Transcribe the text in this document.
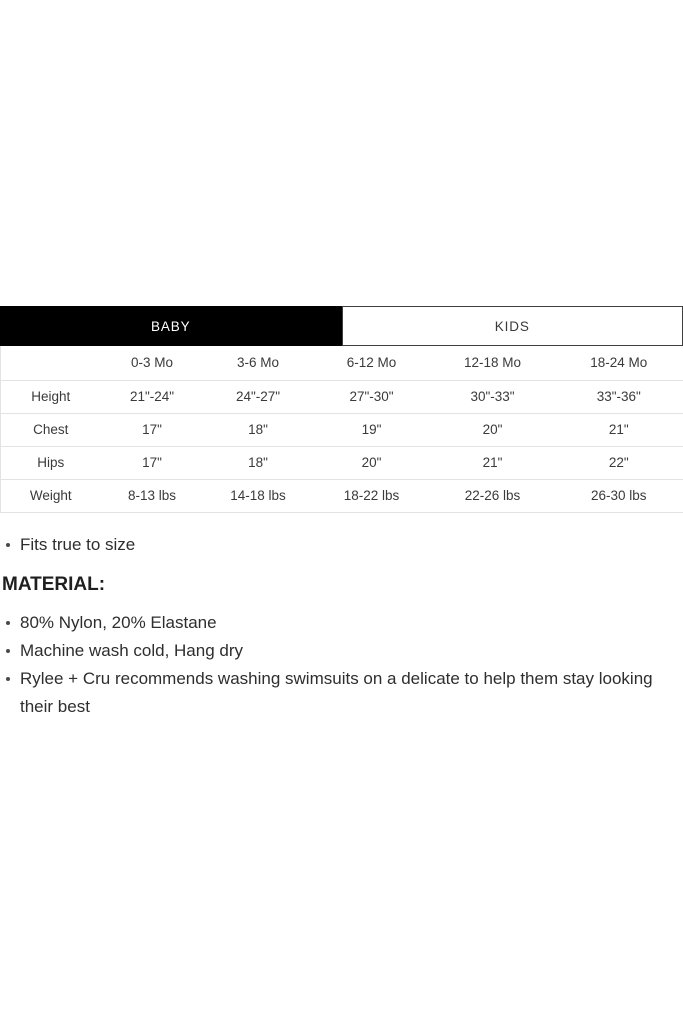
BABY	KIDS
	0-3 Mo	3-6 Mo	6-12 Mo	12-18 Mo	18-24 Mo
Height	21"-24"	24"-27"	27"-30"	30"-33"	33"-36"
Chest	17"	18"	19"	20"	21"
Hips	17"	18"	20"	21"	22"
Weight	8-13 lbs	14-18 lbs	18-22 lbs	22-26 lbs	26-30 lbs
Fits true to size
MATERIAL:
80% Nylon, 20% Elastane
Machine wash cold, Hang dry
Rylee + Cru recommends washing swimsuits on a delicate to help them stay looking their best
